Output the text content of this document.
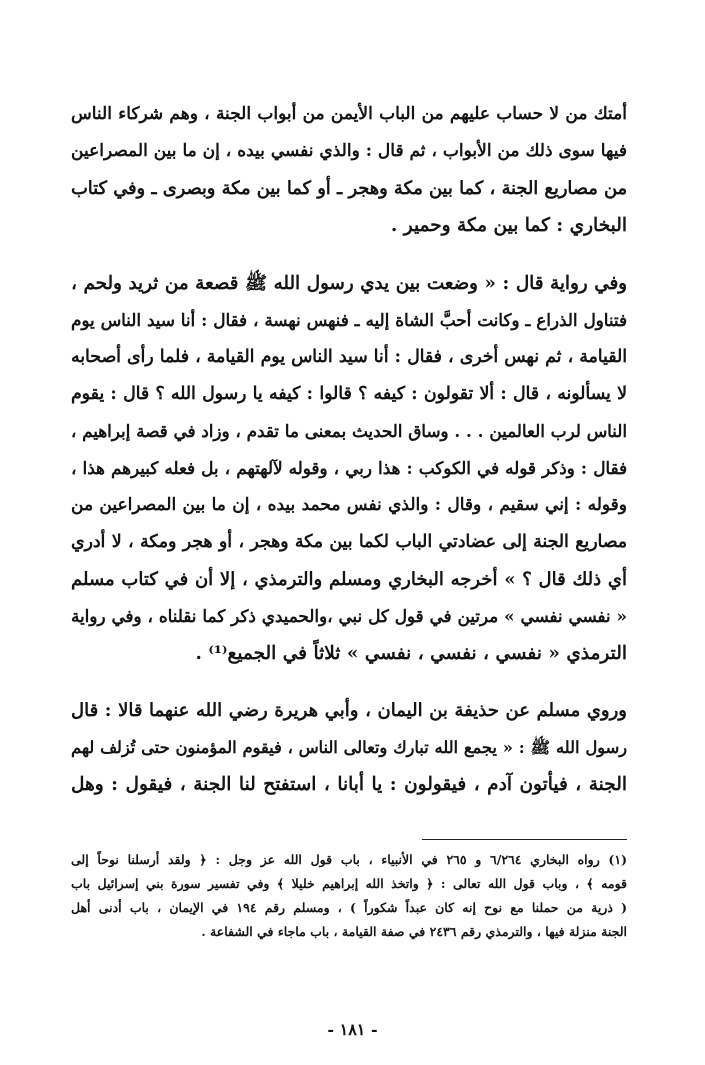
أمتك من لا حساب عليهم من الباب الأيمن من أبواب الجنة ، وهم شركاء الناس
فيها سوى ذلك من الأبواب ، ثم قال : والذي نفسي بيده ، إن ما بين المصراعين
من مصاريع الجنة ، كما بين مكة وهجر ـ أو كما بين مكة وبصرى ـ وفي كتاب
البخاري : كما بين مكة وحمير .
وفي رواية قال : « وضعت بين يدي رسول الله ﷺ قصعة من ثريد ولحم ،
فتناول الذراع ـ وكانت أحبَّ الشاة إليه ـ فنهس نهسة ، فقال : أنا سيد الناس يوم
القيامة ، ثم نهس أخرى ، فقال : أنا سيد الناس يوم القيامة ، فلما رأى أصحابه
لا يسألونه ، قال : ألا تقولون : كيفه ؟ قالوا : كيفه يا رسول الله ؟ قال : يقوم
الناس لرب العالمين . . . وساق الحديث بمعنى ما تقدم ، وزاد في قصة إبراهيم ،
فقال : وذكر قوله في الكوكب : هذا ربي ، وقوله لآلهتهم ، بل فعله كبيرهم هذا ،
وقوله : إني سقيم ، وقال : والذي نفس محمد بيده ، إن ما بين المصراعين من
مصاريع الجنة إلى عضادتي الباب لكما بين مكة وهجر ، أو هجر ومكة ، لا أدري
أي ذلك قال ؟ » أخرجه البخاري ومسلم والترمذي ، إلا أن في كتاب مسلم
« نفسي نفسي » مرتين في قول كل نبي ،والحميدي ذكر كما نقلناه ، وفي رواية
الترمذي « نفسي ، نفسي ، نفسي » ثلاثاً في الجميع⁽¹⁾ .
وروي مسلم عن حذيفة بن اليمان ، وأبي هريرة رضي الله عنهما قالا : قال
رسول الله ﷺ : « يجمع الله تبارك وتعالى الناس ، فيقوم المؤمنون حتى تُزلف لهم
الجنة ، فيأتون آدم ، فيقولون : يا أبانا ، استفتح لنا الجنة ، فيقول : وهل
(١) رواه البخاري ٦/٢٦٤ و ٢٦٥ في الأنبياء ، باب قول الله عز وجل : ﴿ ولقد أرسلنا نوحاً إلى
قومه ﴾ ، وباب قول الله تعالى : ﴿ واتخذ الله إبراهيم خليلا ﴾ وفي تفسير سورة بني إسرائيل باب
( ذرية من حملنا مع نوح إنه كان عبداً شكوراً ) ، ومسلم رقم ١٩٤ في الإيمان ، باب أدنى أهل
الجنة منزلة فيها ، والترمذي رقم ٢٤٣٦ في صفة القيامة ، باب ماجاء في الشفاعة .
- ١٨١ -
